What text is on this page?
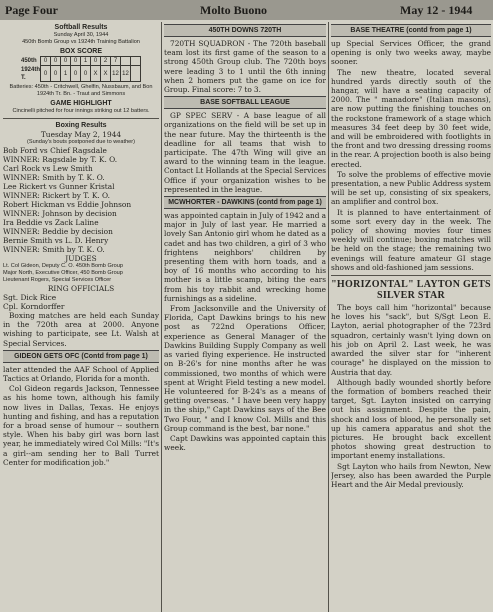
Page Four	Molto Buono	May 12 - 1944
Softball Results
Sunday April 30, 1944
450th Bomb Group vs 1924th Training Battalion
BOX SCORE
450th	0	0	0	0	1	0	2	7		
1924th T.	0	0	1	0	0	X	X	12	12	
Batteries: 450th - Critchwell, Ghelfin, Nussbaum, and Bon
1924th Tr. Bn. - Traut and Simmons
GAME HIGHLIGHT
Cincinelli pitched for four innings striking out 12 batters.
Boxing Results
Tuesday May 2, 1944
(Sunday's bouts postponed due to weather)
Bob Ford vs Chief Ragsdale
WINNER: Ragsdale by T. K. O.
Carl Rock vs Lew Smith
WINNER: Smith by T. K. O.
Lee Rickert vs Gunner Kristal
WINNER: Rickert by T. K. O.
Robert Hickman vs Eddie Johnson
WINNER: Johnson by decision
Ira Beddie vs Zack Laline
WINNER: Beddie by decision
Bernie Smith vs L. D. Henry
WINNER: Smith by T. K. O.
JUDGES
Lt. Col Gideon, Deputy C. O. 450th Bomb Group
Major North, Executive Officer, 450 Bomb Group
Lieutenant Rogers, Special Services Officer
RING OFFICIALS
Sgt. Dick Rice
Cpl. Korndorffer
Boxing matches are held each Sunday in the 720th area at 2000. Anyone wishing to participate, see Lt. Walsh at Special Services.
GIDEON GETS OFC (Contd from page 1)
later attended the AAF School of Applied Tactics at Orlando, Florida for a month.
Col Gideon regards Jackson, Tennessee as his home town, although his family now lives in Dallas, Texas. He enjoys hunting and fishing, and has a reputation for a broad sense of humour -- southern style. When his baby girl was born last year, he immediately wired Col Mills: "It's a girl--am sending her to Ball Turret Center for modification job."
450TH DOWNS 720TH
720TH SQUADRON - The 720th baseball team lost its first game of the season to a strong 450th Group club. The 720th boys were leading 3 to 1 until the 6th inning when 2 homers put the game on ice for Group. Final score: 7 to 3.
BASE SOFTBALL LEAGUE
GP SPEC SERV - A base league of all organizations on the field will be set up in the near future. May the thirteenth is the deadline for all teams that wish to participate. The 47th Wing will give an award to the winning team in the league. Contact Lt Hollands at the Special Services Office if your organization wishes to be represented in the league.
MCWHORTER - DAWKINS (contd from page 1)
was appointed captain in July of 1942 and a major in July of last year. He married a lovely San Antonio girl whom he dated as a cadet and has two children, a girl of 3 who frightens neighbors' children by presenting them with horn toads, and a boy of 16 months who according to his mother is a little scamp, biting the ears from his toy rabbit and wrecking home furnishings as a sideline.
From Jacksonville and the University of Florida, Capt Dawkins brings to his new post as 722nd Operations Officer, experience as General Manager of the Dawkins Building Supply Company as well as varied flying experience. He instructed on B-26's for nine months after he was commissioned, two months of which were spent at Wright Field testing a new model. He volunteered for B-24's as a means of getting overseas. " I have been very happy in the ship," Capt Dawkins says of the Bee Two Four, " and I know Col. Mills and this Group command is the best, bar none."
Capt Dawkins was appointed captain this week.
BASE THEATRE (contd from page 1)
up Special Services Officer, the grand opening is only two weeks away, maybe sooner.
The new theatre, located several hundred yards directly south of the hangar, will have a seating capacity of 2000. The " manadore" (Italian masons), are now putting the finishing touches on the rockstone framework of a stage which measures 34 feet deep by 30 feet wide, and will be embroidered with footlights in the front and two dressing dressing rooms in the rear. A projection booth is also being erected.
To solve the problems of effective movie presentation, a new Public Address system will be set up, consisting of six speakers, an amplifier and control box.
It is planned to have entertainment of some sort every day in the week. The policy of showing movies four times weekly will continue; boxing matches will be held on the stage; the remaining two evenings will feature amateur GI stage shows and old-fashioned jam sessions.
"HORIZONTAL" LAYTON GETS SILVER STAR
The boys call him "horizontal" because he loves his "sack", but S/Sgt Leon E. Layton, aerial photographer of the 723rd squadron, certainly wasn't lying down on his job on April 2. Last week, he was awarded the silver star for "inherent courage" he displayed on the mission to Austria that day.
Although badly wounded shortly before the formation of bombers reached their target, Sgt. Layton insisted on carrying out his assignment. Despite the pain, shock and loss of blood, he personally set up his camera apparatus and shot the pictures. He brought back excellent photos showing great destruction to important enemy installations.
Sgt Layton who hails from Newton, New Jersey, also has been awarded the Purple Heart and the Air Medal previously.
